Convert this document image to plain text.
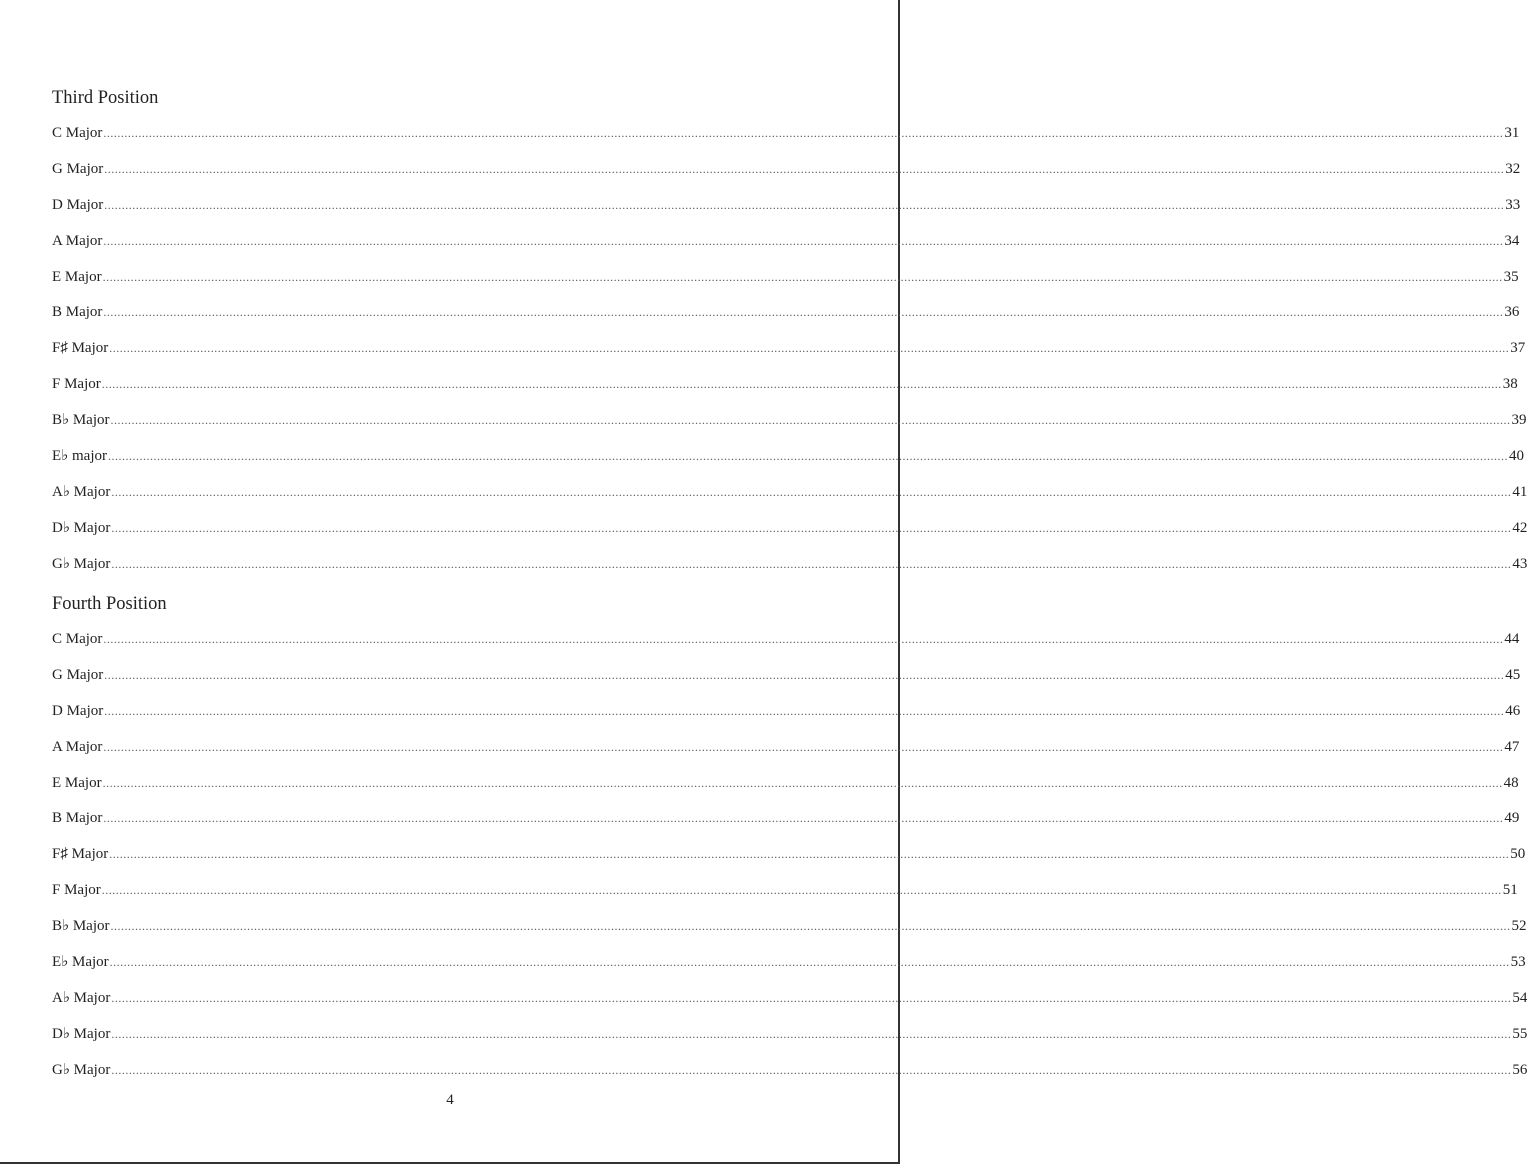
Third Position
C Major ................................................................................................................................................................................................................................................................................................................................................................................................................ 31
G Major ................................................................................................................................................................................................................................................................................................................................................................................................................ 32
D Major ................................................................................................................................................................................................................................................................................................................................................................................................................ 33
A Major ................................................................................................................................................................................................................................................................................................................................................................................................................ 34
E Major ................................................................................................................................................................................................................................................................................................................................................................................................................ 35
B Major ................................................................................................................................................................................................................................................................................................................................................................................................................ 36
F♯ Major ................................................................................................................................................................................................................................................................................................................................................................................................................ 37
F Major ................................................................................................................................................................................................................................................................................................................................................................................................................ 38
B♭ Major ................................................................................................................................................................................................................................................................................................................................................................................................................ 39
E♭ major ................................................................................................................................................................................................................................................................................................................................................................................................................ 40
A♭ Major ................................................................................................................................................................................................................................................................................................................................................................................................................ 41
D♭ Major ................................................................................................................................................................................................................................................................................................................................................................................................................ 42
G♭ Major ................................................................................................................................................................................................................................................................................................................................................................................................................ 43
Fourth Position
C Major ................................................................................................................................................................................................................................................................................................................................................................................................................ 44
G Major ................................................................................................................................................................................................................................................................................................................................................................................................................ 45
D Major ................................................................................................................................................................................................................................................................................................................................................................................................................ 46
A Major ................................................................................................................................................................................................................................................................................................................................................................................................................ 47
E Major ................................................................................................................................................................................................................................................................................................................................................................................................................ 48
B Major ................................................................................................................................................................................................................................................................................................................................................................................................................ 49
F♯ Major ................................................................................................................................................................................................................................................................................................................................................................................................................ 50
F Major ................................................................................................................................................................................................................................................................................................................................................................................................................ 51
B♭ Major ................................................................................................................................................................................................................................................................................................................................................................................................................ 52
E♭ Major ................................................................................................................................................................................................................................................................................................................................................................................................................ 53
A♭ Major ................................................................................................................................................................................................................................................................................................................................................................................................................ 54
D♭ Major ................................................................................................................................................................................................................................................................................................................................................................................................................ 55
G♭ Major ................................................................................................................................................................................................................................................................................................................................................................................................................ 56
4
